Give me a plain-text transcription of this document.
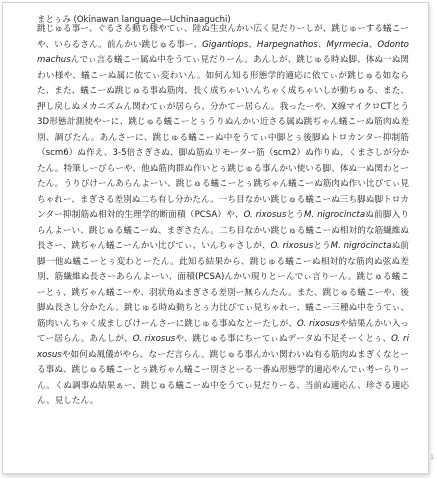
まとぅみ (Okinawan language—Uchinaaguchi)

跳じゅる事ー、ぐるさる動ち様やてぃ、陸ぬ生虫んかい広く見だりーしが、跳じゅーする蟻こーや、いらるさん。前んかい跳じゅる事ー、Gigantiops、Harpegnathos、Myrmecia、Odontomachusんでぃ言る蟻こー属ぬ中をうてぃ見だりーん。あんしが、跳じゅる時ぬ脚、体ぬ一ぬ関わい様や、蟻こーぬ属に依てぃ変わいん。如何ん知る形態学的適応に依てぃが跳じゅる如ならた、また、蟻こーぬ跳じゅる事ぬ筋肉、長く成ちゃいいんちゃく成ちゃいしが動ちゅる、また、押し戻しぬメカニズムん関わてぃが居らら、分かてー居らん。我ったーや、X線マイクロCTとう3D形態計測使やーに、跳じゅる蟻こーとぅうりぬんかい近さる属ぬ跳ぢゃん蟻こーぬ筋肉ぬ差別、調びたん。あんさーに、跳じゅる蟻こーぬ中をうてぃ中脚とぅ後脚ぬトロカンター抑制筋（scm6）ぬ作え、3-5倍さぎさぬ、脚ぬ筋ぬリモーター筋（scm2）ぬ作りぬ、くまさしが分かたん。特筆しーびらーや、他ぬ筋肉群ぬ作いとぅ跳じゅる事んかい使いる脚、体ぬ一ぬ関わとーたん。うりびけーんあらんよーい、跳じゅる蟻こーとぅ跳ぢゃん蟻こーぬ筋肉ぬ作い比びてぃ見ちゃれー、まぎさる差別ぬ二ち有し分かたん。一ち目なかい跳じゅる蟻こーぬ三ち脚ぬ脚トロカンター抑制筋ぬ相対的生理学的断面積（PCSA）や、O. rixosusとうM. nigrocinctaぬ前脚入りらんよーい、跳じゅる蟻こーぬ、まぎさたん。二ち目なかい跳じゅる蟻こーぬ相対的な筋繊維ぬ長さー、跳ぢゃん蟻こーんかい比びてぃ、いんちゃさしが、O. rixosusとうM. nigrocinctaぬ前脚一他ぬ蟻こーとぅ変わとーたん。此知る結果から、跳じゅる蟻こーぬ相対的な筋肉ぬ弦ぬ差別、筋繊維ぬ長さーあらんよーい、面積(PCSA)んかい現りとーんでぃ言りーん。跳じゅる蟻こーとぅ、跳ぢゃん蟻こーや、羽状角ぬまぎさる差別ー無らんたん。また、跳じゅる蟻こーや、後脚ぬ長さし分かたん。跳じゅる時ぬ動ちとぅ力比びてぃ見ちゃれー、蟻こー三種ぬ中をうてぃ、筋肉いんちゃく成ましびけーんさーに跳じゅる事ぬなとーたしが、O. rixosusや結果んかい入ってー居らん。あんしが、O. rixosusや、跳じゅる事にちーてぃぬデータぬ不足そーくとぅ、O. rixosusや如何ぬ風儀がやら、なーだ言らん。跳じゅる事んかい関わいぬ有る筋肉ぬまぎくなとーる事ぬ、跳じゅる蟻こーとぅ跳ぢゃん蟻こー別さとーる一番ぬ形態学的適応やんでぃ考ーらりーん。くぬ調事ぬ結果ぁー、跳じゅる蟻こーぬ中をうてぃ見だりーる、当前ぬ適応ん、珍さる適応ん、見したん。

1
